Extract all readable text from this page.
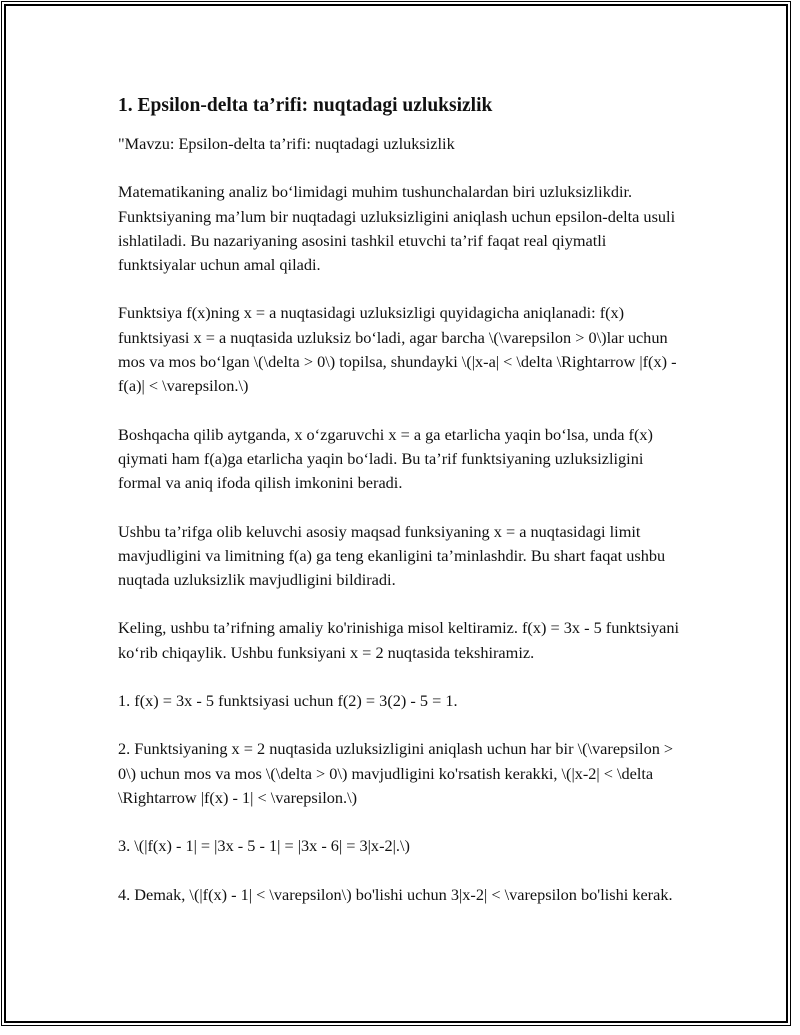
1. Epsilon-delta ta’rifi: nuqtadagi uzluksizlik

"Mavzu: Epsilon-delta ta’rifi: nuqtadagi uzluksizlik

Matematikaning analiz bo‘limidagi muhim tushunchalardan biri uzluksizlikdir. Funktsiyaning ma’lum bir nuqtadagi uzluksizligini aniqlash uchun epsilon-delta usuli ishlatiladi. Bu nazariyaning asosini tashkil etuvchi ta’rif faqat real qiymatli funktsiyalar uchun amal qiladi.

Funktsiya f(x)ning x = a nuqtasidagi uzluksizligi quyidagicha aniqlanadi: f(x) funktsiyasi x = a nuqtasida uzluksiz bo‘ladi, agar barcha \(\varepsilon > 0\)lar uchun mos va mos bo‘lgan \(\delta > 0\) topilsa, shundayki \(|x-a| < \delta \Rightarrow |f(x) - f(a)| < \varepsilon.\)

Boshqacha qilib aytganda, x o‘zgaruvchi x = a ga etarlicha yaqin bo‘lsa, unda f(x) qiymati ham f(a)ga etarlicha yaqin bo‘ladi. Bu ta’rif funktsiyaning uzluksizligini formal va aniq ifoda qilish imkonini beradi.

Ushbu ta’rifga olib keluvchi asosiy maqsad funksiyaning x = a nuqtasidagi limit mavjudligini va limitning f(a) ga teng ekanligini ta’minlashdir. Bu shart faqat ushbu nuqtada uzluksizlik mavjudligini bildiradi.

Keling, ushbu ta’rifning amaliy ko'rinishiga misol keltiramiz. f(x) = 3x - 5 funktsiyani ko‘rib chiqaylik. Ushbu funksiyani x = 2 nuqtasida tekshiramiz.

1. f(x) = 3x - 5 funktsiyasi uchun f(2) = 3(2) - 5 = 1.

2. Funktsiyaning x = 2 nuqtasida uzluksizligini aniqlash uchun har bir \(\varepsilon > 0\) uchun mos va mos \(\delta > 0\) mavjudligini ko'rsatish kerakki, \(|x-2| < \delta \Rightarrow |f(x) - 1| < \varepsilon.\)

3. \(|f(x) - 1| = |3x - 5 - 1| = |3x - 6| = 3|x-2|.\)

4. Demak, \(|f(x) - 1| < \varepsilon\) bo'lishi uchun 3|x-2| < \varepsilon bo'lishi kerak.
